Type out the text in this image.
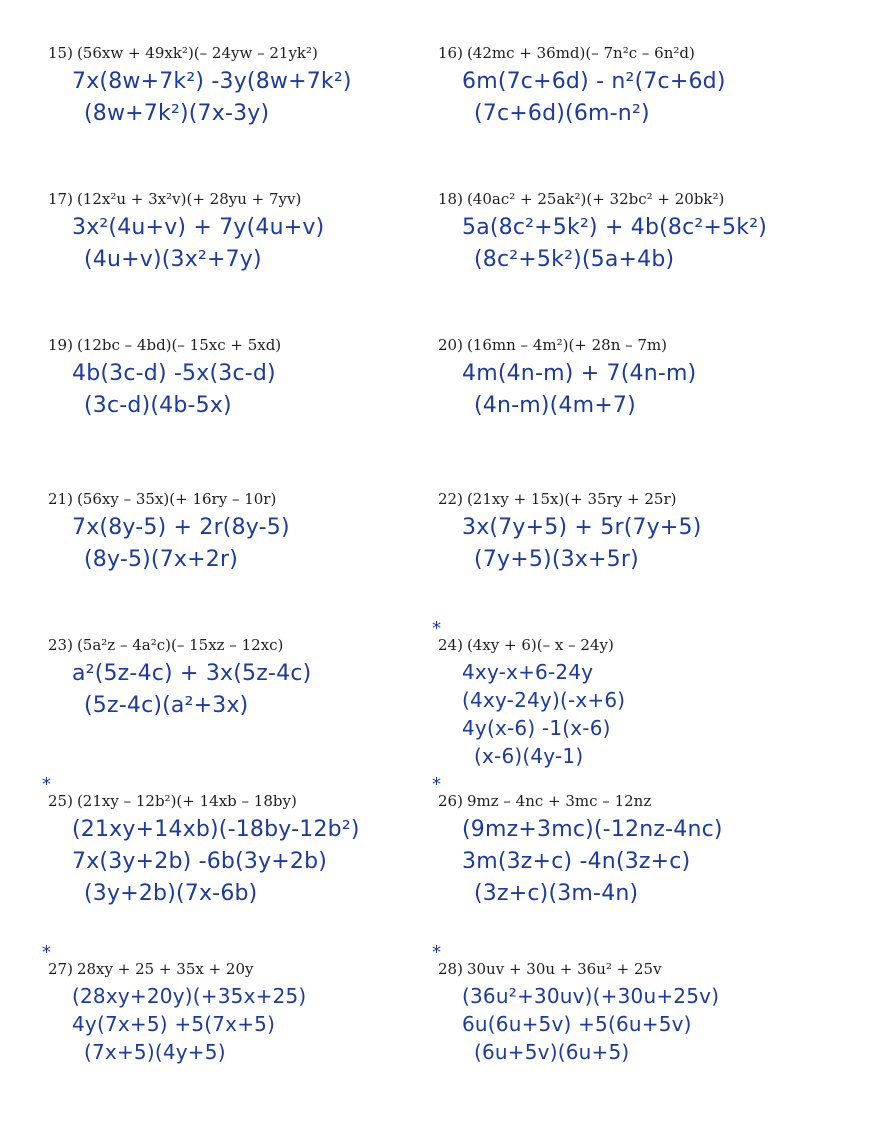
15) (56xw + 49xk²)(– 24yw – 21yk²)
7x(8w+7k²) -3y(8w+7k²)
(8w+7k²)(7x-3y)
17) (12x²u + 3x²v)(+ 28yu + 7yv)
3x²(4u+v) + 7y(4u+v)
(4u+v)(3x²+7y)
19) (12bc – 4bd)(– 15xc + 5xd)
4b(3c-d) -5x(3c-d)
(3c-d)(4b-5x)
21) (56xy – 35x)(+ 16ry – 10r)
7x(8y-5) + 2r(8y-5)
(8y-5)(7x+2r)
23) (5a²z – 4a²c)(– 15xz – 12xc)
a²(5z-4c) + 3x(5z-4c)
(5z-4c)(a²+3x)
*
25) (21xy – 12b²)(+ 14xb – 18by)
(21xy+14xb)(-18by-12b²)
7x(3y+2b) -6b(3y+2b)
(3y+2b)(7x-6b)
*
27) 28xy + 25 + 35x + 20y
(28xy+20y)(+35x+25)
4y(7x+5) +5(7x+5)
(7x+5)(4y+5)
16) (42mc + 36md)(– 7n²c – 6n²d)
6m(7c+6d) - n²(7c+6d)
(7c+6d)(6m-n²)
18) (40ac² + 25ak²)(+ 32bc² + 20bk²)
5a(8c²+5k²) + 4b(8c²+5k²)
(8c²+5k²)(5a+4b)
20) (16mn – 4m²)(+ 28n – 7m)
4m(4n-m) + 7(4n-m)
(4n-m)(4m+7)
22) (21xy + 15x)(+ 35ry + 25r)
3x(7y+5) + 5r(7y+5)
(7y+5)(3x+5r)
*
24) (4xy + 6)(– x – 24y)
4xy-x+6-24y
(4xy-24y)(-x+6)
4y(x-6) -1(x-6)
(x-6)(4y-1)
*
26) 9mz – 4nc + 3mc – 12nz
(9mz+3mc)(-12nz-4nc)
3m(3z+c) -4n(3z+c)
(3z+c)(3m-4n)
*
28) 30uv + 30u + 36u² + 25v
(36u²+30uv)(+30u+25v)
6u(6u+5v) +5(6u+5v)
(6u+5v)(6u+5)
